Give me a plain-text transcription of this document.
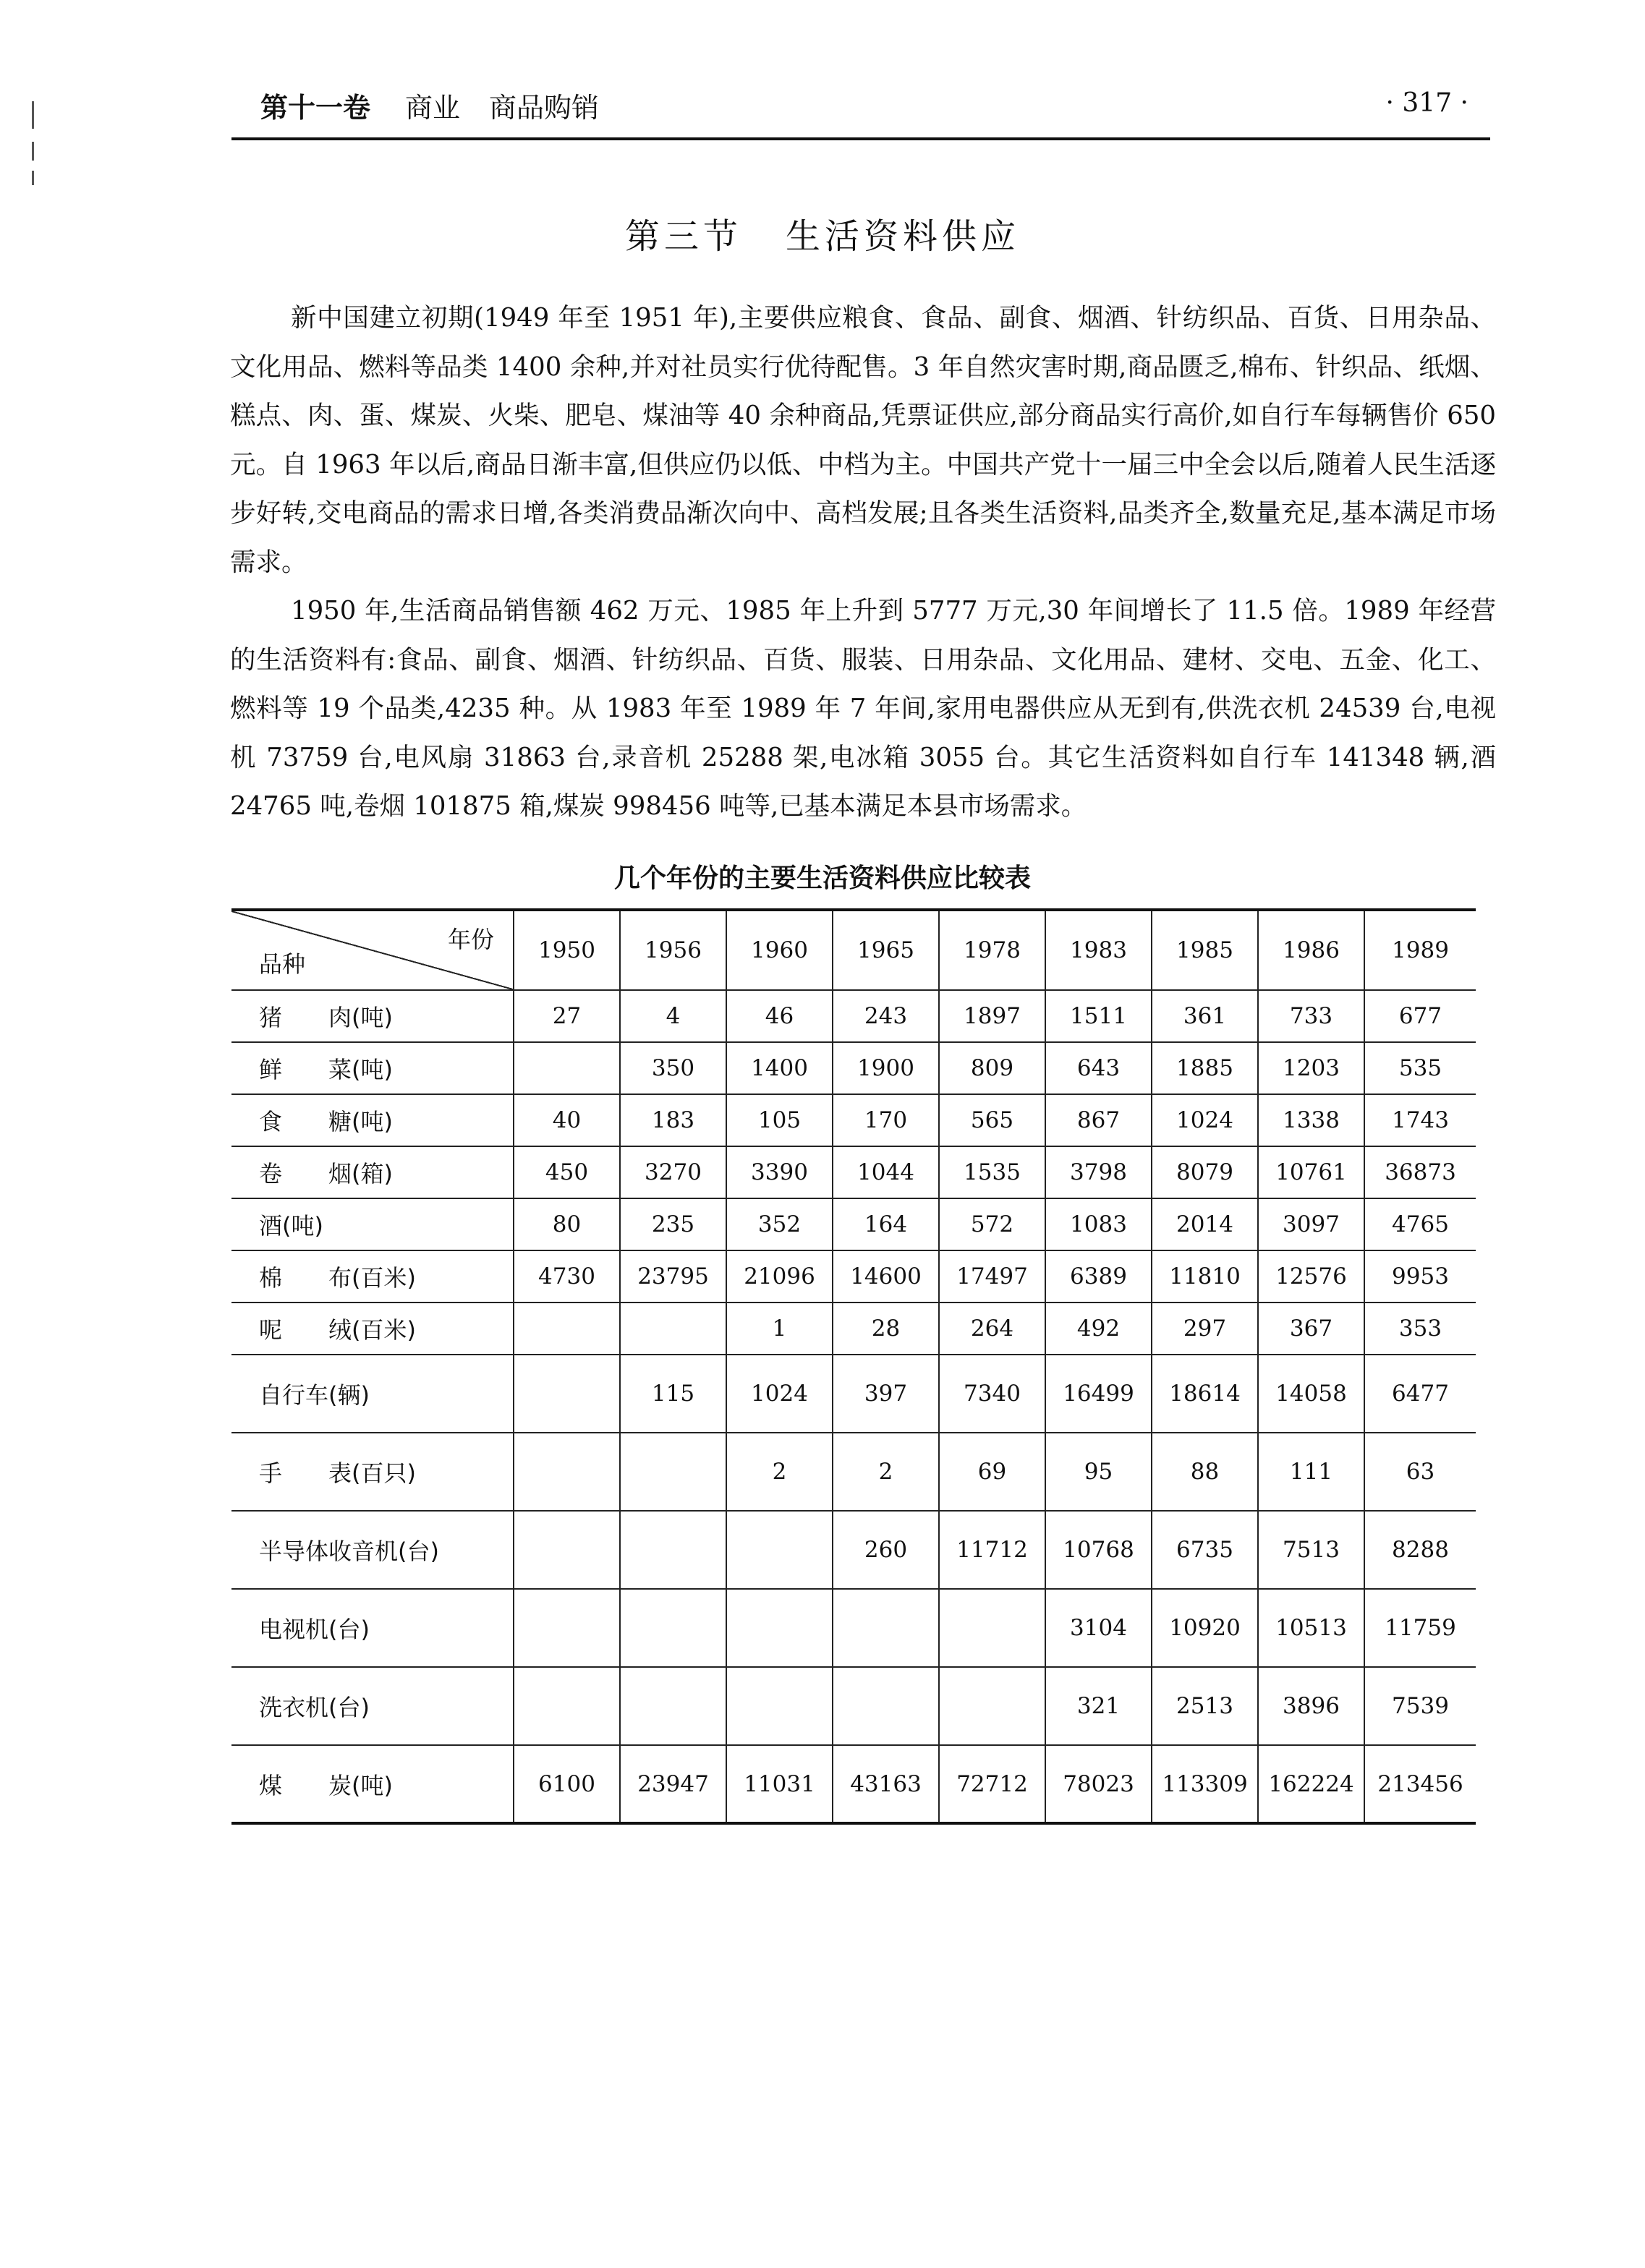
第十一卷 商业 商品购销	· 317 ·
第三节 生活资料供应

新中国建立初期(1949 年至 1951 年),主要供应粮食、食品、副食、烟酒、针纺织品、百货、日用杂品、文化用品、燃料等品类 1400 余种,并对社员实行优待配售。3 年自然灾害时期,商品匮乏,棉布、针织品、纸烟、糕点、肉、蛋、煤炭、火柴、肥皂、煤油等 40 余种商品,凭票证供应,部分商品实行高价,如自行车每辆售价 650 元。自 1963 年以后,商品日渐丰富,但供应仍以低、中档为主。中国共产党十一届三中全会以后,随着人民生活逐步好转,交电商品的需求日增,各类消费品渐次向中、高档发展;且各类生活资料,品类齐全,数量充足,基本满足市场需求。

1950 年,生活商品销售额 462 万元、1985 年上升到 5777 万元,30 年间增长了 11.5 倍。1989 年经营的生活资料有:食品、副食、烟酒、针纺织品、百货、服装、日用杂品、文化用品、建材、交电、五金、化工、燃料等 19 个品类,4235 种。从 1983 年至 1989 年 7 年间,家用电器供应从无到有,供洗衣机 24539 台,电视机 73759 台,电风扇 31863 台,录音机 25288 架,电冰箱 3055 台。其它生活资料如自行车 141348 辆,酒 24765 吨,卷烟 101875 箱,煤炭 998456 吨等,已基本满足本县市场需求。

几个年份的主要生活资料供应比较表
年份
品种	1950	1956	1960	1965	1978	1983	1985	1986	1989
猪　　肉(吨)	27	4	46	243	1897	1511	361	733	677
鲜　　菜(吨)		350	1400	1900	809	643	1885	1203	535
食　　糖(吨)	40	183	105	170	565	867	1024	1338	1743
卷　　烟(箱)	450	3270	3390	1044	1535	3798	8079	10761	36873
酒(吨)	80	235	352	164	572	1083	2014	3097	4765
棉　　布(百米)	4730	23795	21096	14600	17497	6389	11810	12576	9953
呢　　绒(百米)			1	28	264	492	297	367	353
自行车(辆)		115	1024	397	7340	16499	18614	14058	6477
手　　表(百只)			2	2	69	95	88	111	63
半导体收音机(台)				260	11712	10768	6735	7513	8288
电视机(台)						3104	10920	10513	11759
洗衣机(台)						321	2513	3896	7539
煤　　炭(吨)	6100	23947	11031	43163	72712	78023	113309	162224	213456
